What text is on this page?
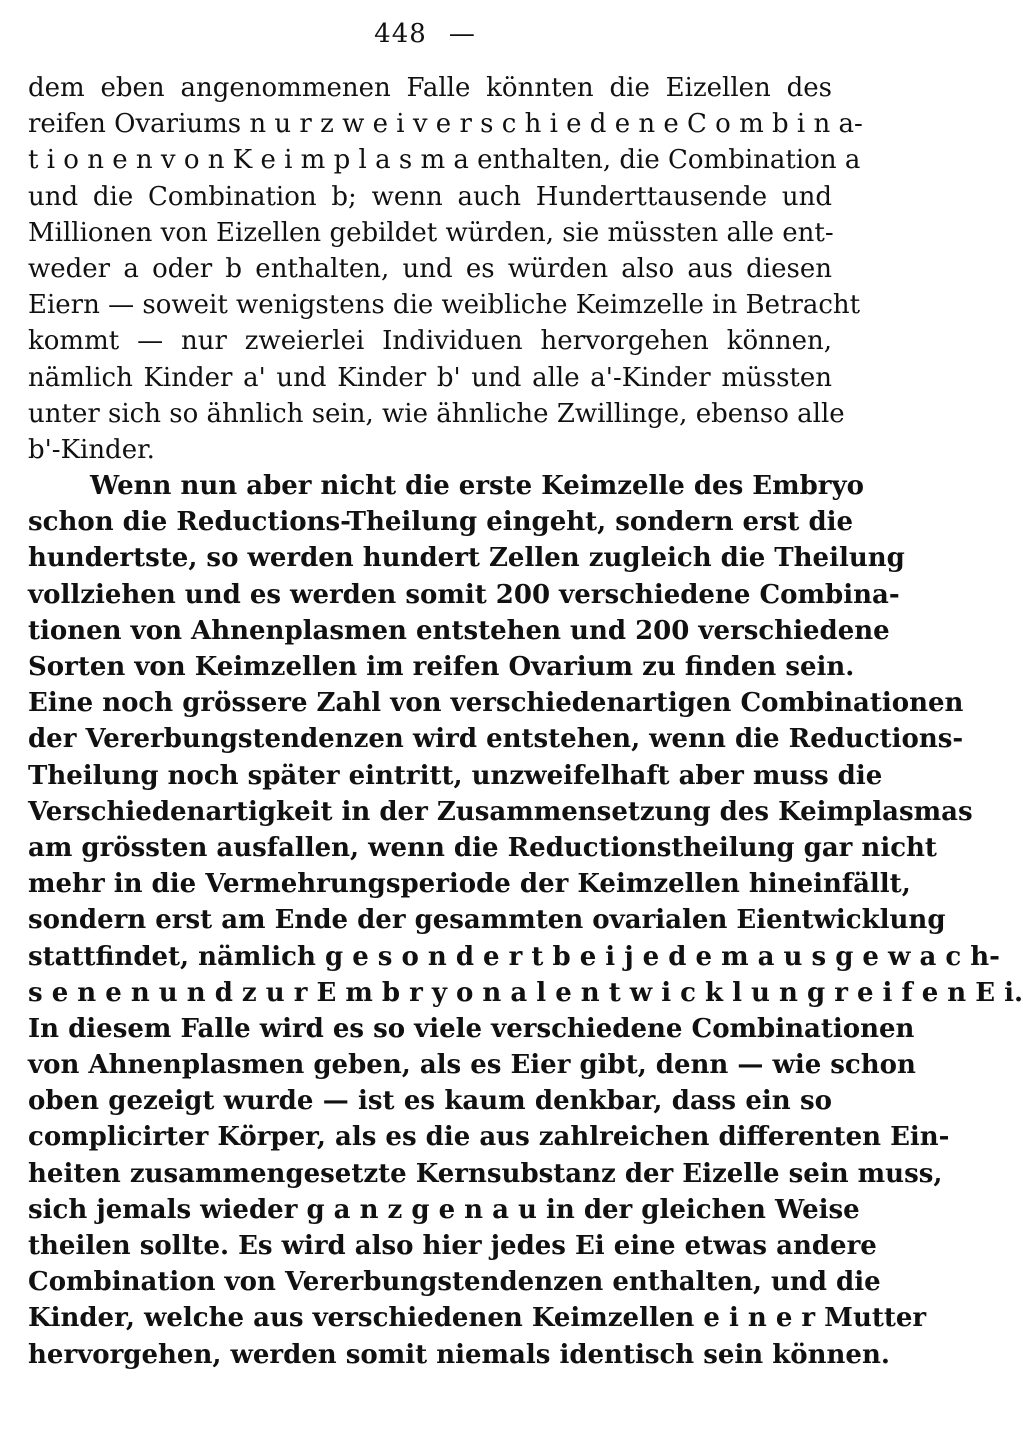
448 —
dem eben angenommenen Falle könnten die Eizellen des
reifen Ovariums n u r z w e i v e r s c h i e d e n e C o m b i n a-
t i o n e n v o n K e i m p l a s m a enthalten, die Combination a
und die Combination b; wenn auch Hunderttausende und
Millionen von Eizellen gebildet würden, sie müssten alle ent-
weder a oder b enthalten, und es würden also aus diesen
Eiern — soweit wenigstens die weibliche Keimzelle in Betracht
kommt — nur zweierlei Individuen hervorgehen können,
nämlich Kinder a' und Kinder b' und alle a'-Kinder müssten
unter sich so ähnlich sein, wie ähnliche Zwillinge, ebenso alle
b'-Kinder.
Wenn nun aber nicht die erste Keimzelle des Embryo
schon die Reductions-Theilung eingeht, sondern erst die
hundertste, so werden hundert Zellen zugleich die Theilung
vollziehen und es werden somit 200 verschiedene Combina-
tionen von Ahnenplasmen entstehen und 200 verschiedene
Sorten von Keimzellen im reifen Ovarium zu finden sein.
Eine noch grössere Zahl von verschiedenartigen Combinationen
der Vererbungstendenzen wird entstehen, wenn die Reductions-
Theilung noch später eintritt, unzweifelhaft aber muss die
Verschiedenartigkeit in der Zusammensetzung des Keimplasmas
am grössten ausfallen, wenn die Reductionstheilung gar nicht
mehr in die Vermehrungsperiode der Keimzellen hineinfällt,
sondern erst am Ende der gesammten ovarialen Eientwicklung
stattfindet, nämlich g e s o n d e r t b e i j e d e m a u s g e w a c h-
s e n e n u n d z u r E m b r y o n a l e n t w i c k l u n g r e i f e n E i.
In diesem Falle wird es so viele verschiedene Combinationen
von Ahnenplasmen geben, als es Eier gibt, denn — wie schon
oben gezeigt wurde — ist es kaum denkbar, dass ein so
complicirter Körper, als es die aus zahlreichen differenten Ein-
heiten zusammengesetzte Kernsubstanz der Eizelle sein muss,
sich jemals wieder g a n z g e n a u in der gleichen Weise
theilen sollte. Es wird also hier jedes Ei eine etwas andere
Combination von Vererbungstendenzen enthalten, und die
Kinder, welche aus verschiedenen Keimzellen e i n e r Mutter
hervorgehen, werden somit niemals identisch sein können.
